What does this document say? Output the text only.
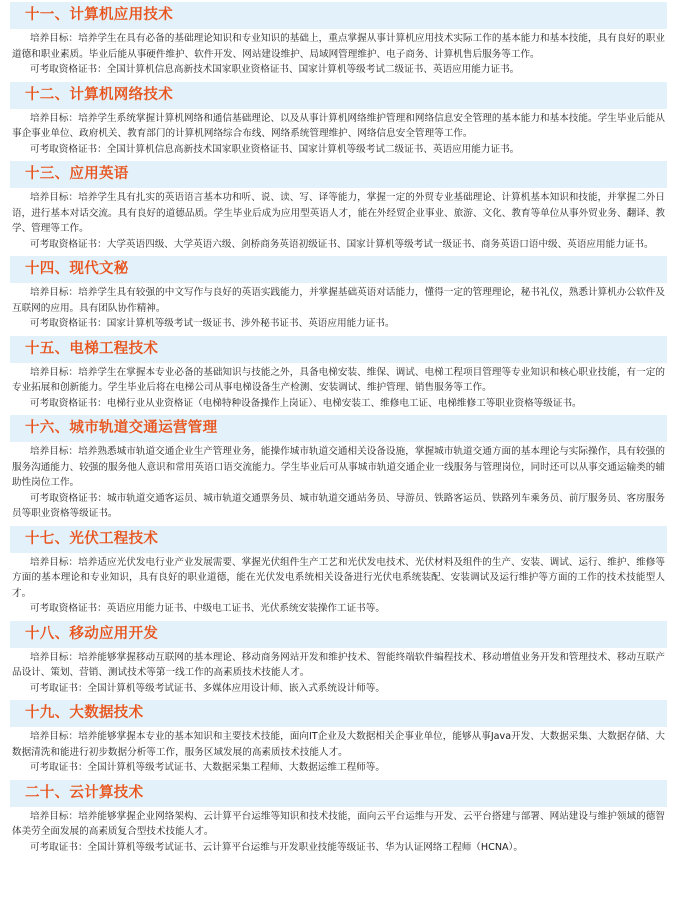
十一、计算机应用技术

培养目标：培养学生在具有必备的基础理论知识和专业知识的基础上，重点掌握从事计算机应用技术实际工作的基本能力和基本技能，具有良好的职业道德和职业素质。毕业后能从事硬件维护、软件开发、网站建设维护、局域网管理维护、电子商务、计算机售后服务等工作。

可考取资格证书：全国计算机信息高新技术国家职业资格证书、国家计算机等级考试二级证书、英语应用能力证书。

十二、计算机网络技术

培养目标：培养学生系统掌握计算机网络和通信基础理论、以及从事计算机网络维护管理和网络信息安全管理的基本能力和基本技能。学生毕业后能从事企事业单位、政府机关、教育部门的计算机网络综合布线、网络系统管理维护、网络信息安全管理等工作。

可考取资格证书：全国计算机信息高新技术国家职业资格证书、国家计算机等级考试二级证书、英语应用能力证书。

十三、应用英语

培养目标：培养学生具有扎实的英语语言基本功和听、说、读、写、译等能力，掌握一定的外贸专业基础理论、计算机基本知识和技能，并掌握二外日语，进行基本对话交流。具有良好的道德品质。学生毕业后成为应用型英语人才，能在外经贸企业事业、旅游、文化、教育等单位从事外贸业务、翻译、教学、管理等工作。

可考取资格证书：大学英语四级、大学英语六级、剑桥商务英语初级证书、国家计算机等级考试一级证书、商务英语口语中级、英语应用能力证书。

十四、现代文秘

培养目标：培养学生具有较强的中文写作与良好的英语实践能力，并掌握基础英语对话能力，懂得一定的管理理论，秘书礼仪，熟悉计算机办公软件及互联网的应用。具有团队协作精神。

可考取资格证书：国家计算机等级考试一级证书、涉外秘书证书、英语应用能力证书。

十五、电梯工程技术

培养目标：培养学生在掌握本专业必备的基础知识与技能之外，具备电梯安装、维保、调试、电梯工程项目管理等专业知识和核心职业技能，有一定的专业拓展和创新能力。学生毕业后将在电梯公司从事电梯设备生产检测、安装调试、维护管理、销售服务等工作。

可考取资格证书：电梯行业从业资格证（电梯特种设备操作上岗证）、电梯安装工、维修电工证、电梯维修工等职业资格等级证书。

十六、城市轨道交通运营管理

培养目标：培养熟悉城市轨道交通企业生产管理业务，能操作城市轨道交通相关设备设施，掌握城市轨道交通方面的基本理论与实际操作，具有较强的服务沟通能力、较强的服务他人意识和常用英语口语交流能力。学生毕业后可从事城市轨道交通企业一线服务与管理岗位，同时还可以从事交通运输类的辅助性岗位工作。

可考取资格证书：城市轨道交通客运员、城市轨道交通票务员、城市轨道交通站务员、导游员、铁路客运员、铁路列车乘务员、前厅服务员、客房服务员等职业资格等级证书。

十七、光伏工程技术

培养目标：培养适应光伏发电行业产业发展需要、掌握光伏组件生产工艺和光伏发电技术、光伏材料及组件的生产、安装、调试、运行、维护、维修等方面的基本理论和专业知识，具有良好的职业道德，能在光伏发电系统相关设备进行光伏电系统装配、安装调试及运行维护等方面的工作的技术技能型人才。

可考取资格证书：英语应用能力证书、中级电工证书、光伏系统安装操作工证书等。

十八、移动应用开发

培养目标：培养能够掌握移动互联网的基本理论、移动商务网站开发和维护技术、智能终端软件编程技术、移动增值业务开发和管理技术、移动互联产品设计、策划、营销、测试技术等第一线工作的高素质技术技能人才。

可考取证书：全国计算机等级考试证书、多媒体应用设计师、嵌入式系统设计师等。

十九、大数据技术

培养目标：培养能够掌握本专业的基本知识和主要技术技能，面向IT企业及大数据相关企事业单位，能够从事Java开发、大数据采集、大数据存储、大数据清洗和能进行初步数据分析等工作，服务区域发展的高素质技术技能人才。

可考取证书：全国计算机等级考试证书、大数据采集工程师、大数据运维工程师等。

二十、云计算技术

培养目标：培养能够掌握企业网络架构、云计算平台运维等知识和技术技能，面向云平台运维与开发、云平台搭建与部署、网站建设与维护领域的德智体美劳全面发展的高素质复合型技术技能人才。

可考取证书：全国计算机等级考试证书、云计算平台运维与开发职业技能等级证书、华为认证网络工程师（HCNA）。
